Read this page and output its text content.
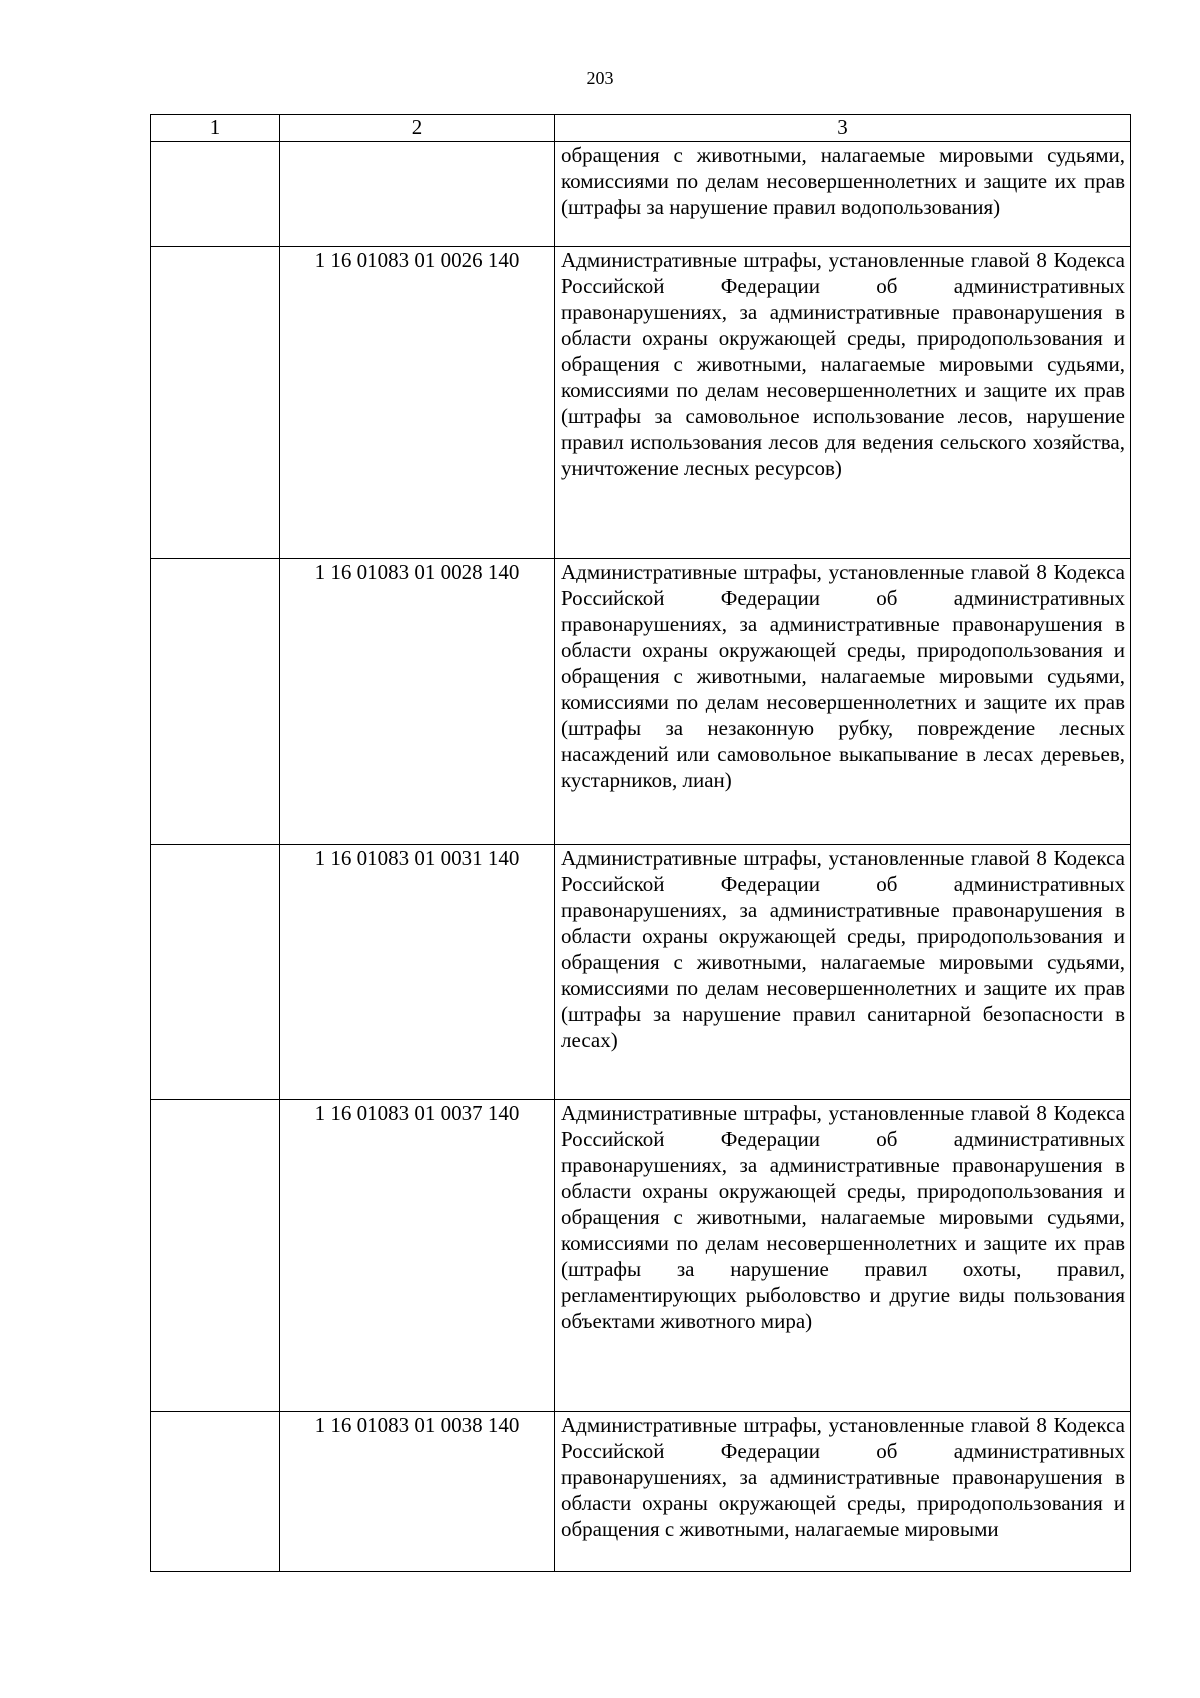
203
1	2	3

		обращения с животными, налагаемые мировыми судьями, комиссиями по делам несовершеннолетних и защите их прав (штрафы за нарушение правил водопользования)

	1 16 01083 01 0026 140	Административные штрафы, установленные главой 8 Кодекса Российской Федерации об административных правонарушениях, за административные правонарушения в области охраны окружающей среды, природопользования и обращения с животными, налагаемые мировыми судьями, комиссиями по делам несовершеннолетних и защите их прав (штрафы за самовольное использование лесов, нарушение правил использования лесов для ведения сельского хозяйства, уничтожение лесных ресурсов)

	1 16 01083 01 0028 140	Административные штрафы, установленные главой 8 Кодекса Российской Федерации об административных правонарушениях, за административные правонарушения в области охраны окружающей среды, природопользования и обращения с животными, налагаемые мировыми судьями, комиссиями по делам несовершеннолетних и защите их прав (штрафы за незаконную рубку, повреждение лесных насаждений или самовольное выкапывание в лесах деревьев, кустарников, лиан)

	1 16 01083 01 0031 140	Административные штрафы, установленные главой 8 Кодекса Российской Федерации об административных правонарушениях, за административные правонарушения в области охраны окружающей среды, природопользования и обращения с животными, налагаемые мировыми судьями, комиссиями по делам несовершеннолетних и защите их прав (штрафы за нарушение правил санитарной безопасности в лесах)

	1 16 01083 01 0037 140	Административные штрафы, установленные главой 8 Кодекса Российской Федерации об административных правонарушениях, за административные правонарушения в области охраны окружающей среды, природопользования и обращения с животными, налагаемые мировыми судьями, комиссиями по делам несовершеннолетних и защите их прав (штрафы за нарушение правил охоты, правил, регламентирующих рыболовство и другие виды пользования объектами животного мира)

	1 16 01083 01 0038 140	Административные штрафы, установленные главой 8 Кодекса Российской Федерации об административных правонарушениях, за административные правонарушения в области охраны окружающей среды, природопользования и обращения с животными, налагаемые мировыми
